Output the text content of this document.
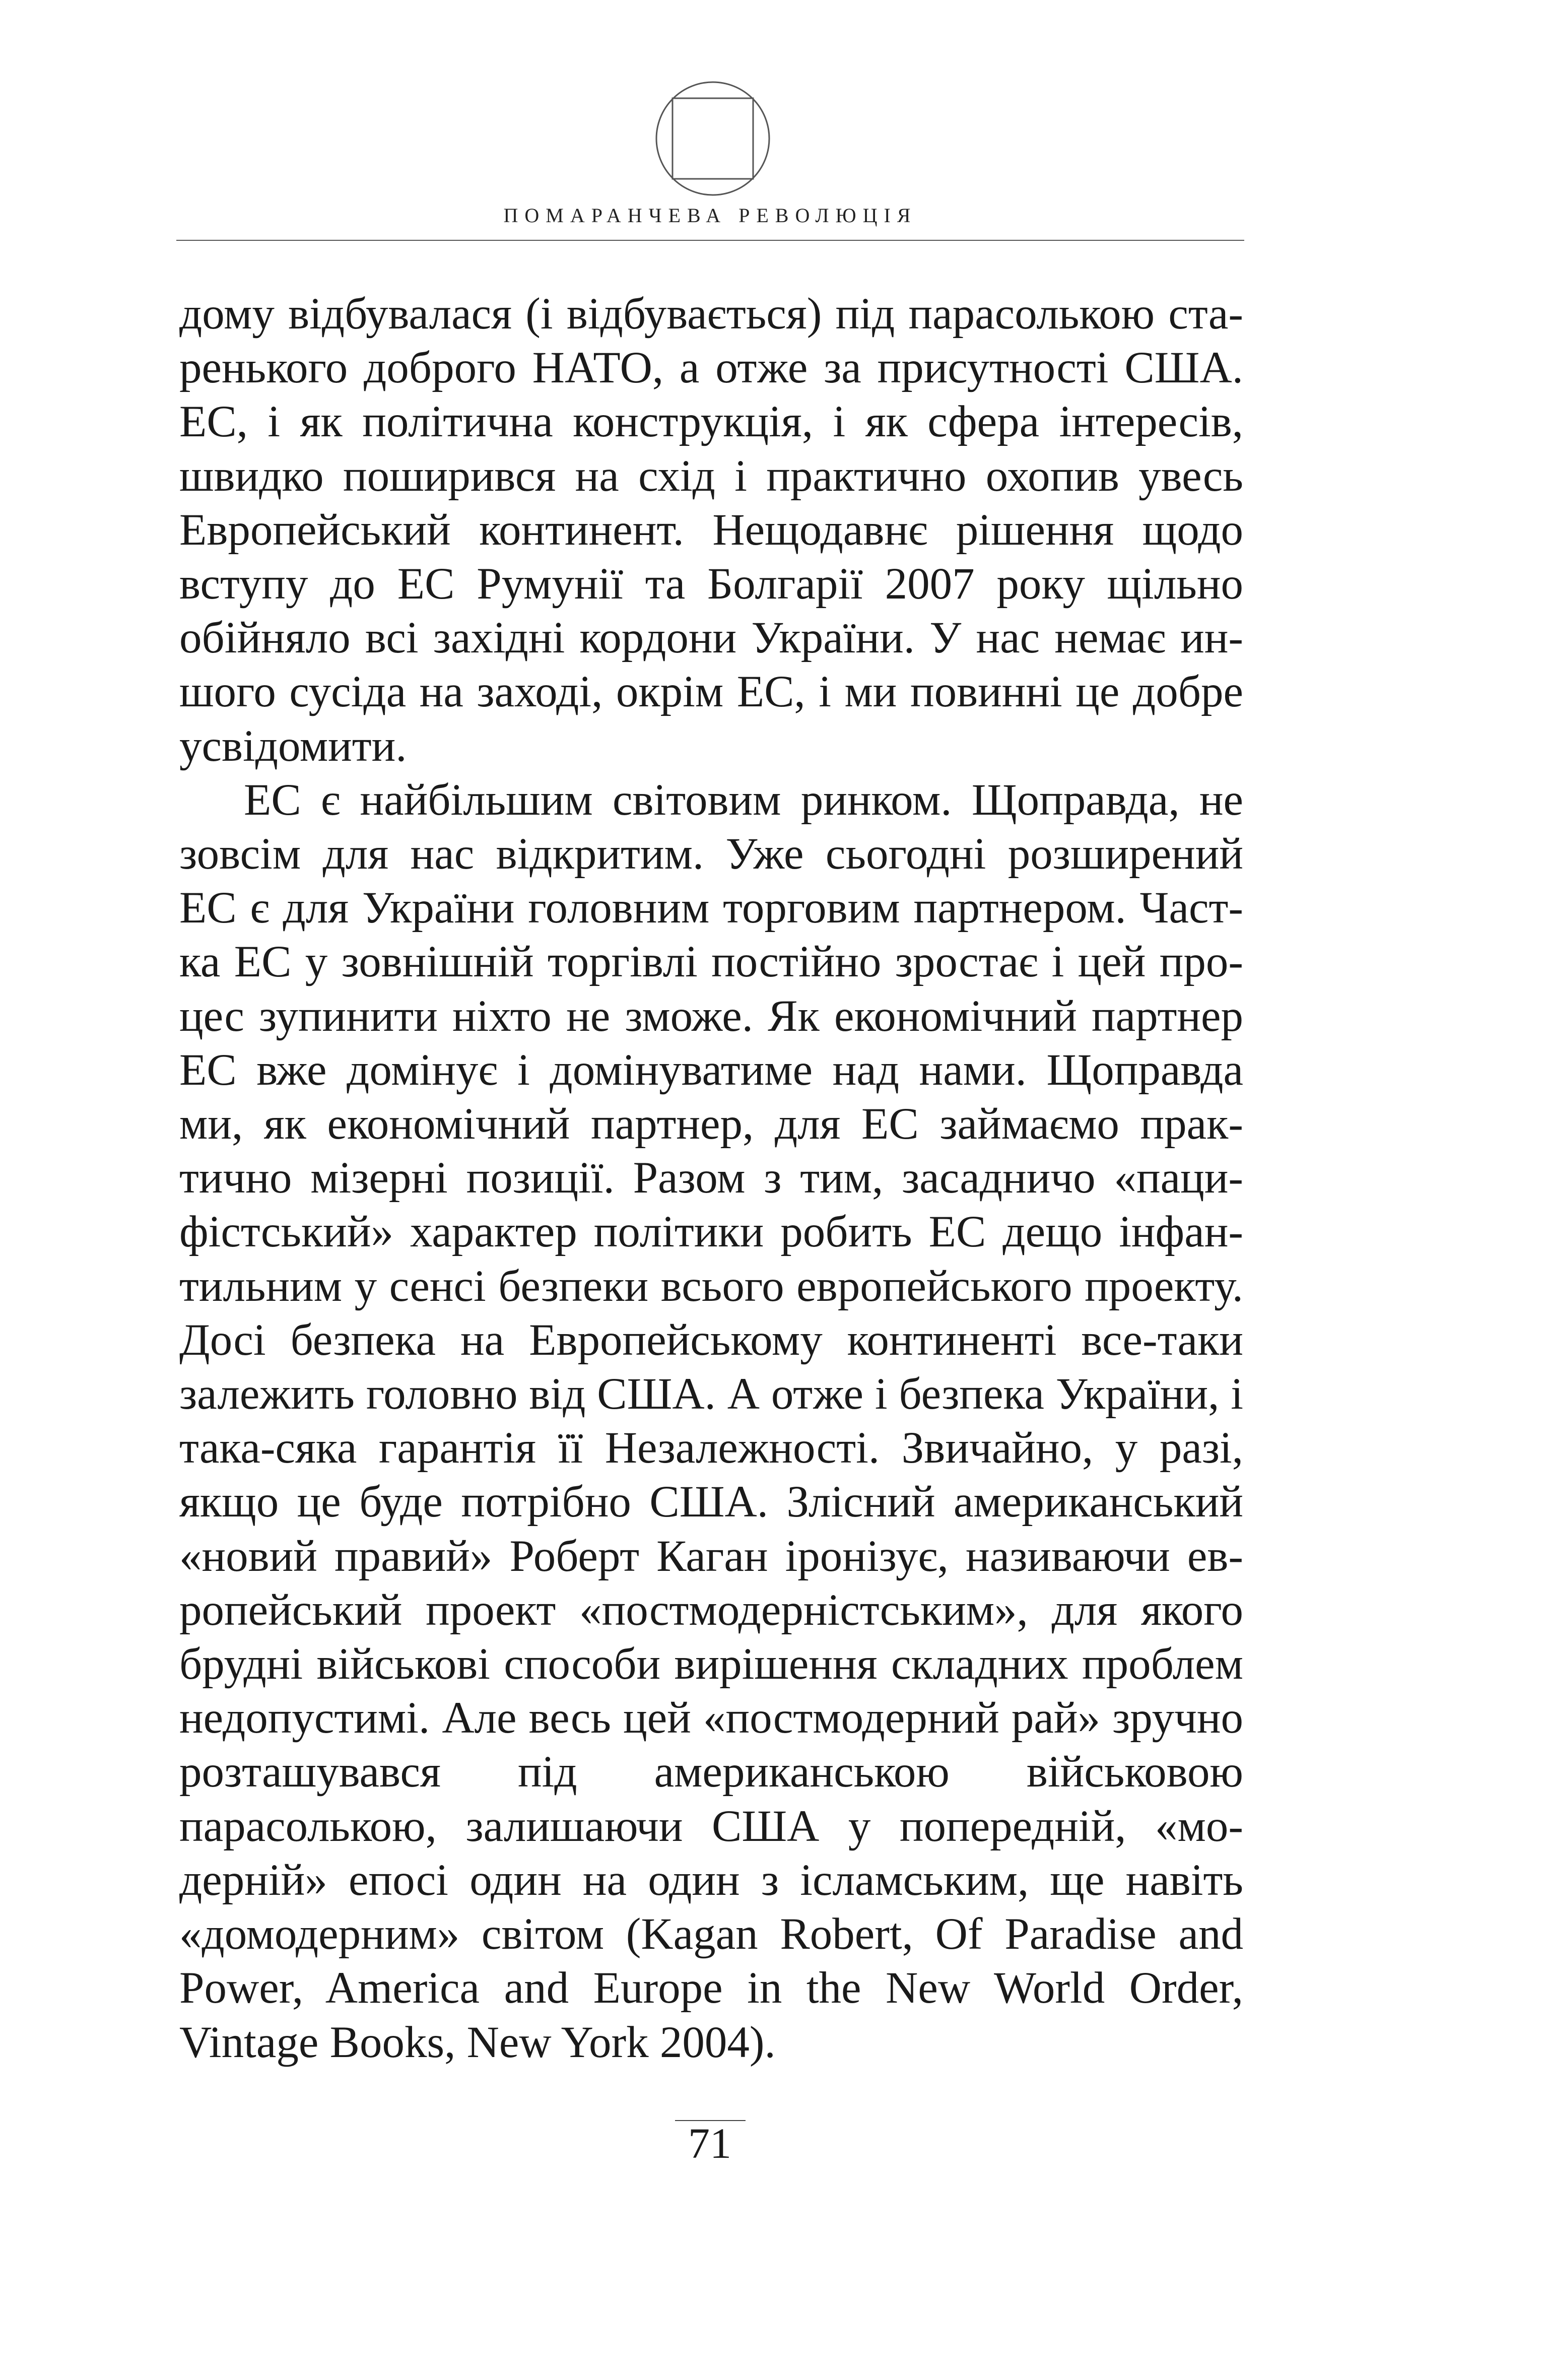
ПОМАРАНЧЕВА РЕВОЛЮЦІЯ

дому відбувалася (і відбувається) під парасолькою старенького доброго НАТО, а отже за присутності США. ЕС, і як політична конструкція, і як сфера інтересів, швидко поширився на схід і практично охопив увесь Европейський континент. Нещодавнє рішення щодо вступу до ЕС Румунії та Болгарії 2007 року щільно обійняло всі західні кордони України. У нас немає иншого сусіда на заході, окрім ЕС, і ми повинні це добре усвідомити.

ЕС є найбільшим світовим ринком. Щоправда, не зовсім для нас відкритим. Уже сьогодні розширений ЕС є для України головним торговим партнером. Частка ЕС у зовнішній торгівлі постійно зростає і цей процес зупинити ніхто не зможе. Як економічний партнер ЕС вже домінує і домінуватиме над нами. Щоправда ми, як економічний партнер, для ЕС займаємо практично мізерні позиції. Разом з тим, засадничо «пацифістський» характер політики робить ЕС дещо інфантильним у сенсі безпеки всього европейського проекту. Досі безпека на Европейському континенті все-таки залежить головно від США. А отже і безпека України, і така-сяка гарантія її Незалежності. Звичайно, у разі, якщо це буде потрібно США. Злісний американський «новий правий» Роберт Каган іронізує, називаючи европейський проект «постмодерністським», для якого брудні військові способи вирішення складних проблем недопустимі. Але весь цей «постмодерний рай» зручно розташувався під американською військовою парасолькою, залишаючи США у попередній, «модерній» епосі один на один з ісламським, ще навіть «домодерним» світом (Kagan Robert, Of Paradise and Power, America and Europe in the New World Order, Vintage Books, New York 2004).

71
